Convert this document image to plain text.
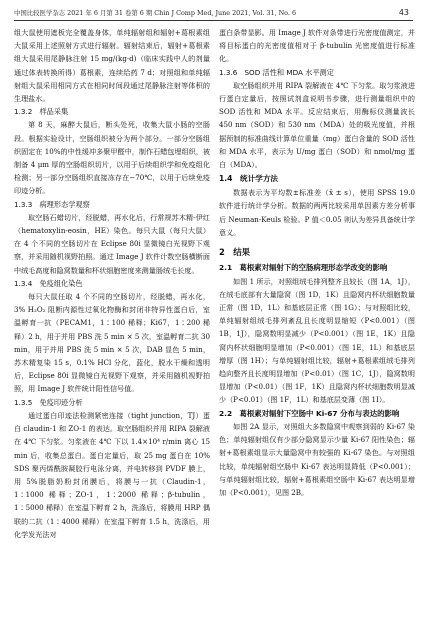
中国比较医学杂志 2021 年 6 月第 31 卷第 6 期 Chin J Comp Med, June 2021, Vol. 31, No. 6	43

组大鼠使用遮板完全覆盖身体，单纯辐射组和辐射+葛根素组大鼠采用上述照射方式进行辐射。辐射结束后，辐射+葛根素组大鼠采用尾静脉注射 15 mg/(kg·d)（临床实践中人的剂量通过体表转换所得）葛根素，连续给药 7 d；对照组和单纯辐射组大鼠采用相同方式在相同时间段通过尾静脉注射等体积的生理盐水。

1.3.2　样品采集

第 8 天，麻醉大鼠后，断头处死，收集大鼠小肠的空肠段。根据实验设计，空肠组织被分为两个部分。一部分空肠组织固定在 10%的中性缓冲多聚甲醛中，制作石蜡包埋组织，被制备 4 μm 厚的空肠组织切片，以用于后续组织学和免疫组化检测；另一部分空肠组织直接冻存在−70℃，以用于后续免疫印迹分析。

1.3.3　病理形态学观察

取空肠石蜡切片，经脱蜡，再水化后，行常规苏木精-伊红（hematoxylin-eosin，HE）染色。每只大鼠（每只大鼠）在 4 个不同的空肠切片在 Eclipse 80i 显微镜白光视野下观察，并采用随机视野拍照。通过 Image J 软件计数空肠横断面中绒毛高度和隐窝数量和杯状细胞密度来测量肠绒毛长度。

1.3.4　免疫组化染色

每只大鼠任取 4 个不同的空肠切片，经脱蜡，再水化，3% H₂O₂ 阻断内源性过氧化物酶和封闭非特异性蛋白后，室温孵育一抗（PECAM1，1∶100 稀释；Ki67，1∶200 稀释）2 h，用于并用 PBS 洗 5 min × 5 次，室温孵育二抗 30 min，用于并用 PBS 洗 5 min × 5 次，DAB 显色 5 min，苏木精复染 15 s，0.1% HCl 分化，蓝化，脱水干燥和透明后，Eclipse 80i 显微镜白光视野下观察，并采用随机视野拍照，用 Image J 软件统计阳性信号值。

1.3.5　免疫印迹分析

通过蛋白印迹法检测紧密连接（tight junction，TJ）蛋白 claudin-1 和 ZO-1 的表达。取空肠组织并用 RIPA 裂解液在 4℃ 下匀浆。匀浆液在 4℃ 下以 1.4×10⁴ r/min 离心 15 min 后，收集总蛋白。蛋白定量后，取 25 mg 蛋白在 10% SDS 聚丙烯酰胺凝胶行电泳分离，并电转移到 PVDF 膜上，用 5%脱脂奶粉封闭膜后，将膜与一抗（Claudin-1，1∶1000 稀释；ZO-1，1∶2000 稀释；β-tubulin，1∶5000 稀释）在室温下孵育 2 h，洗涤后，将膜用 HRP 偶联的二抗（1∶4000 稀释）在室温下孵育 1.5 h，洗涤后，用化学发光法对

蛋白条带显影。用 Image J 软件对条带进行光密度值测定，并将目标蛋白的光密度值相对于 β-tubulin 光密度值进行标准化。

1.3.6　SOD 活性和 MDA 水平测定

取空肠组织并用 RIPA 裂解液在 4℃ 下匀浆。取匀浆液进行蛋白定量后，按照试剂盒说明书步骤，进行测量组织中的 SOD 活性和 MDA 水平。反应结束后，用酶标仪测量波长 450 nm（SOD）和 530 nm（MDA）处的吸光度值，并根据预制的标准曲线计算单位重量（mg）蛋白含量的 SOD 活性和 MDA 水平，表示为 U/mg 蛋白（SOD）和 nmol/mg 蛋白（MDA）。

1.4　统计学方法

数据表示为平均数±标准差（x̄ ± s），使用 SPSS 19.0 软件进行统计学分析。数据的两两比较采用单因素方差分析事后 Neuman-Keuls 检验。P 值＜0.05 则认为差异具备统计学意义。

2　结果
2.1　葛根素对辐射下的空肠病理形态学改变的影响

如图 1 所示，对照组绒毛排列整齐且较长（图 1A，1J），在绒毛底部有大量隐窝（图 1D，1K）且隐窝内杯状细胞数量正常（图 1D，1L）和基底层正常（图 1G）；与对照组比较，单纯辐射组绒毛排列紊乱且长度明显缩短（P<0.001）（图 1B，1J），隐窝数明显减少（P<0.001）（图 1E，1K）且隐窝内杯状细胞明显增加（P<0.001）（图 1E，1L）和基底层增厚（图 1H）；与单纯辐射组比较，辐射+葛根素组绒毛排列趋向整齐且长度明显增加（P<0.01）（图 1C，1J），隐窝数明显增加（P<0.01）（图 1F，1K）且隐窝内杯状细胞数明显减少（P<0.01）（图 1F，1L）和基底层变薄（图 1I）。

2.2　葛根素对辐射下空肠中 Ki-67 分布与表达的影响

如图 2A 显示，对照组大多数隐窝中观察到弱的 Ki-67 染色；单纯辐射组仅有少部分隐窝显示少量 Ki-67 阳性染色；辐射+葛根素组显示大量隐窝中有较强的 Ki-67 染色。与对照组比较，单纯辐射组空肠中 Ki-67 表达明显降低（P<0.001）；与单纯辐射组比较，辐射+葛根素组空肠中 Ki-67 表达明显增加（P<0.001），见图 2B。
